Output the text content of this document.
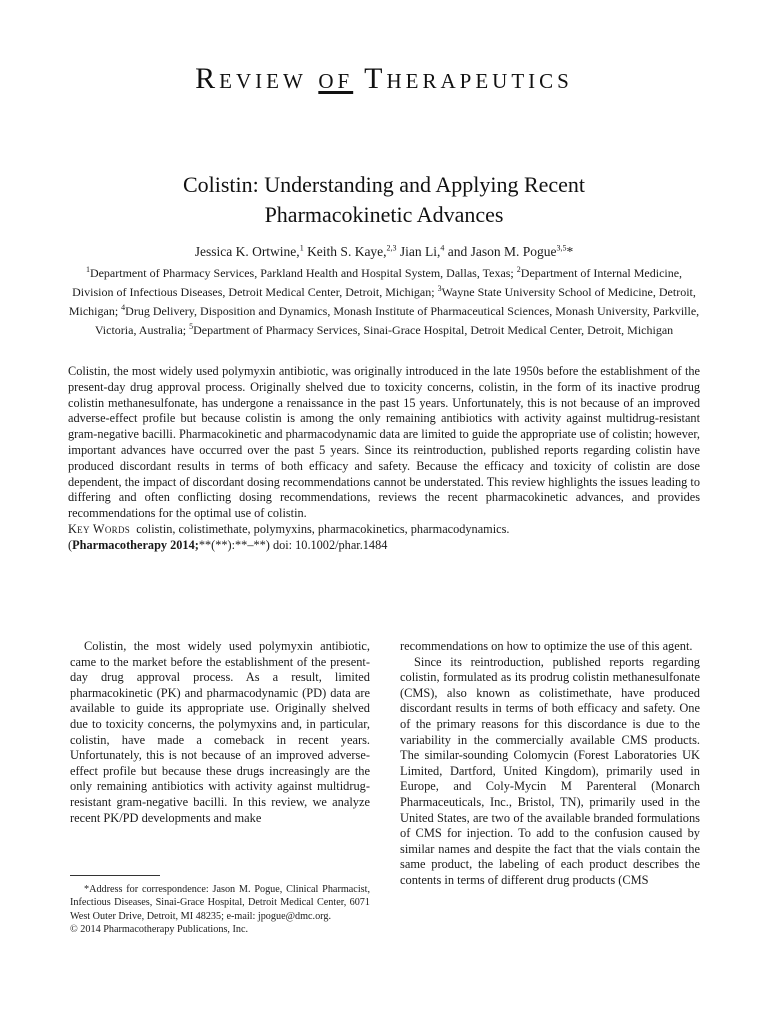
Review of Therapeutics
Colistin: Understanding and Applying Recent
Pharmacokinetic Advances
Jessica K. Ortwine,$^1$ Keith S. Kaye,$^{2,3}$ Jian Li,$^4$ and Jason M. Pogue$^{3,5}$*
$^1$Department of Pharmacy Services, Parkland Health and Hospital System, Dallas, Texas; $^2$Department of Internal Medicine, Division of Infectious Diseases, Detroit Medical Center, Detroit, Michigan; $^3$Wayne State University School of Medicine, Detroit, Michigan; $^4$Drug Delivery, Disposition and Dynamics, Monash Institute of Pharmaceutical Sciences, Monash University, Parkville, Victoria, Australia; $^5$Department of Pharmacy Services, Sinai-Grace Hospital, Detroit Medical Center, Detroit, Michigan

Colistin, the most widely used polymyxin antibiotic, was originally introduced in the late 1950s before the establishment of the present-day drug approval process. Originally shelved due to toxicity concerns, colistin, in the form of its inactive prodrug colistin methanesulfonate, has undergone a renaissance in the past 15 years. Unfortunately, this is not because of an improved adverse-effect profile but because colistin is among the only remaining antibiotics with activity against multidrug-resistant gram-negative bacilli. Pharmacokinetic and pharmacodynamic data are limited to guide the appropriate use of colistin; however, important advances have occurred over the past 5 years. Since its reintroduction, published reports regarding colistin have produced discordant results in terms of both efficacy and safety. Because the efficacy and toxicity of colistin are dose dependent, the impact of discordant dosing recommendations cannot be understated. This review highlights the issues leading to differing and often conflicting dosing recommendations, reviews the recent pharmacokinetic advances, and provides recommendations for the optimal use of colistin.

Key Words colistin, colistimethate, polymyxins, pharmacokinetics, pharmacodynamics.

(Pharmacotherapy 2014;**(**):**–**) doi: 10.1002/phar.1484

Colistin, the most widely used polymyxin antibiotic, came to the market before the establishment of the present-day drug approval process. As a result, limited pharmacokinetic (PK) and pharmacodynamic (PD) data are available to guide its appropriate use. Originally shelved due to toxicity concerns, the polymyxins and, in particular, colistin, have made a comeback in recent years. Unfortunately, this is not because of an improved adverse-effect profile but because these drugs increasingly are the only remaining antibiotics with activity against multidrug-resistant gram-negative bacilli. In this review, we analyze recent PK/PD developments and make

recommendations on how to optimize the use of this agent.

Since its reintroduction, published reports regarding colistin, formulated as its prodrug colistin methanesulfonate (CMS), also known as colistimethate, have produced discordant results in terms of both efficacy and safety. One of the primary reasons for this discordance is due to the variability in the commercially available CMS products. The similar-sounding Colomycin (Forest Laboratories UK Limited, Dartford, United Kingdom), primarily used in Europe, and Coly-Mycin M Parenteral (Monarch Pharmaceuticals, Inc., Bristol, TN), primarily used in the United States, are two of the available branded formulations of CMS for injection. To add to the confusion caused by similar names and despite the fact that the vials contain the same product, the labeling of each product describes the contents in terms of different drug products (CMS

*Address for correspondence: Jason M. Pogue, Clinical Pharmacist, Infectious Diseases, Sinai-Grace Hospital, Detroit Medical Center, 6071 West Outer Drive, Detroit, MI 48235; e-mail: jpogue@dmc.org.

© 2014 Pharmacotherapy Publications, Inc.
